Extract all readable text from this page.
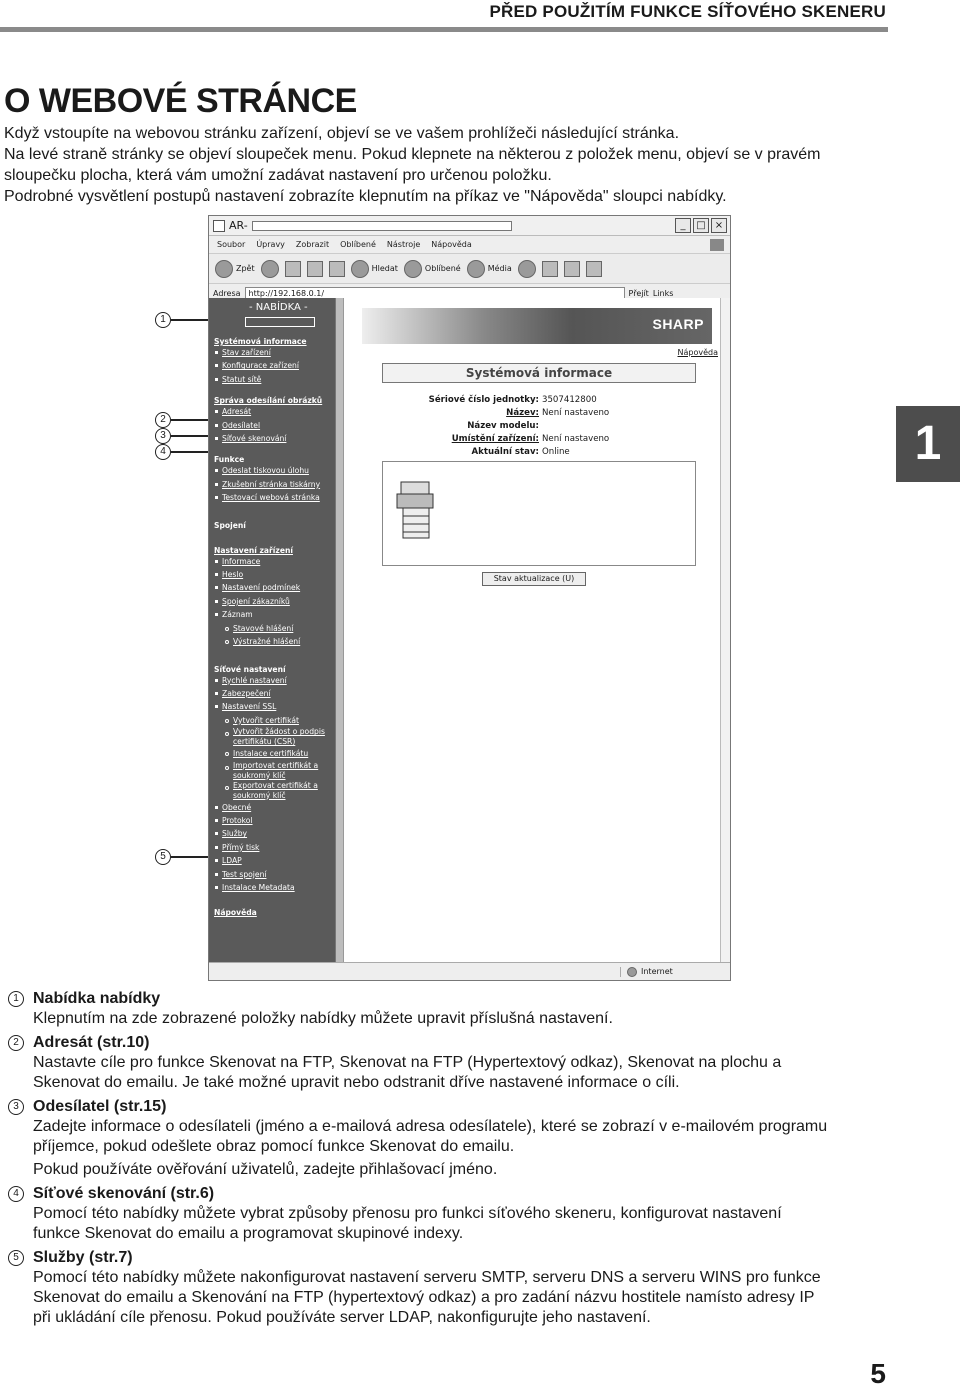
PŘED POUŽITÍM FUNKCE SÍŤOVÉHO SKENERU
O WEBOVÉ STRÁNCE

Když vstoupíte na webovou stránku zařízení, objeví se ve vašem prohlížeči následující stránka.

Na levé straně stránky se objeví sloupeček menu. Pokud klepnete na některou z položek menu, objeví se v pravém

sloupečku plocha, která vám umožní zadávat nastavení pro určenou položku.

Podrobné vysvětlení postupů nastavení zobrazíte klepnutím na příkaz ve "Nápověda" sloupci nabídky.

1
1
2
3
4
5
AR-	_	□ ×
Soubor Úpravy Zobrazit Oblíbené Nástroje Nápověda
Zpět	Hledat	Oblíbené	Média
Adresa	http://192.168.0.1/	Přejít Links
- NABÍDKA -
Systémová informace
Stav zařízení
Konfigurace zařízení
Statut sítě
Správa odesílání obrázků
Adresát
Odesílatel
Síťové skenování
Funkce
Odeslat tiskovou úlohu
Zkušební stránka tiskárny
Testovací webová stránka
Spojení
Nastavení zařízení
Informace
Heslo
Nastavení podmínek
Spojení zákazníků
Záznam
Stavové hlášení
Výstražné hlášení
Síťové nastavení
Rychlé nastavení
Zabezpečení
Nastavení SSL
Vytvořit certifikát
Vytvořit žádost o podpis certifikátu (CSR)
Instalace certifikátu
Importovat certifikát a soukromý klíč
Exportovat certifikát a soukromý klíč
Obecné
Protokol
Služby
Přímý tisk
LDAP
Test spojení
Instalace Metadata
Nápověda
SHARP
Nápověda
Systémová informace
Sériové číslo jednotky: 3507412800
Název: Není nastaveno
Název modelu:
Umístění zařízení: Není nastaveno
Aktuální stav: Online
Stav aktualizace (U)
Internet
1 Nabídka nabídky
Klepnutím na zde zobrazené položky nabídky můžete upravit příslušná nastavení.
2 Adresát (str.10)
Nastavte cíle pro funkce Skenovat na FTP, Skenovat na FTP (Hypertextový odkaz), Skenovat na plochu a
Skenovat do emailu. Je také možné upravit nebo odstranit dříve nastavené informace o cíli.
3 Odesílatel (str.15)
Zadejte informace o odesílateli (jméno a e-mailová adresa odesílatele), které se zobrazí v e-mailovém programu
příjemce, pokud odešlete obraz pomocí funkce Skenovat do emailu.
Pokud používáte ověřování uživatelů, zadejte přihlašovací jméno.
4 Síťové skenování (str.6)
Pomocí této nabídky můžete vybrat způsoby přenosu pro funkci síťového skeneru, konfigurovat nastavení
funkce Skenovat do emailu a programovat skupinové indexy.
5 Služby (str.7)
Pomocí této nabídky můžete nakonfigurovat nastavení serveru SMTP, serveru DNS a serveru WINS pro funkce
Skenovat do emailu a Skenování na FTP (hypertextový odkaz) a pro zadání názvu hostitele namísto adresy IP
při ukládání cíle přenosu. Pokud používáte server LDAP, nakonfigurujte jeho nastavení.
5
